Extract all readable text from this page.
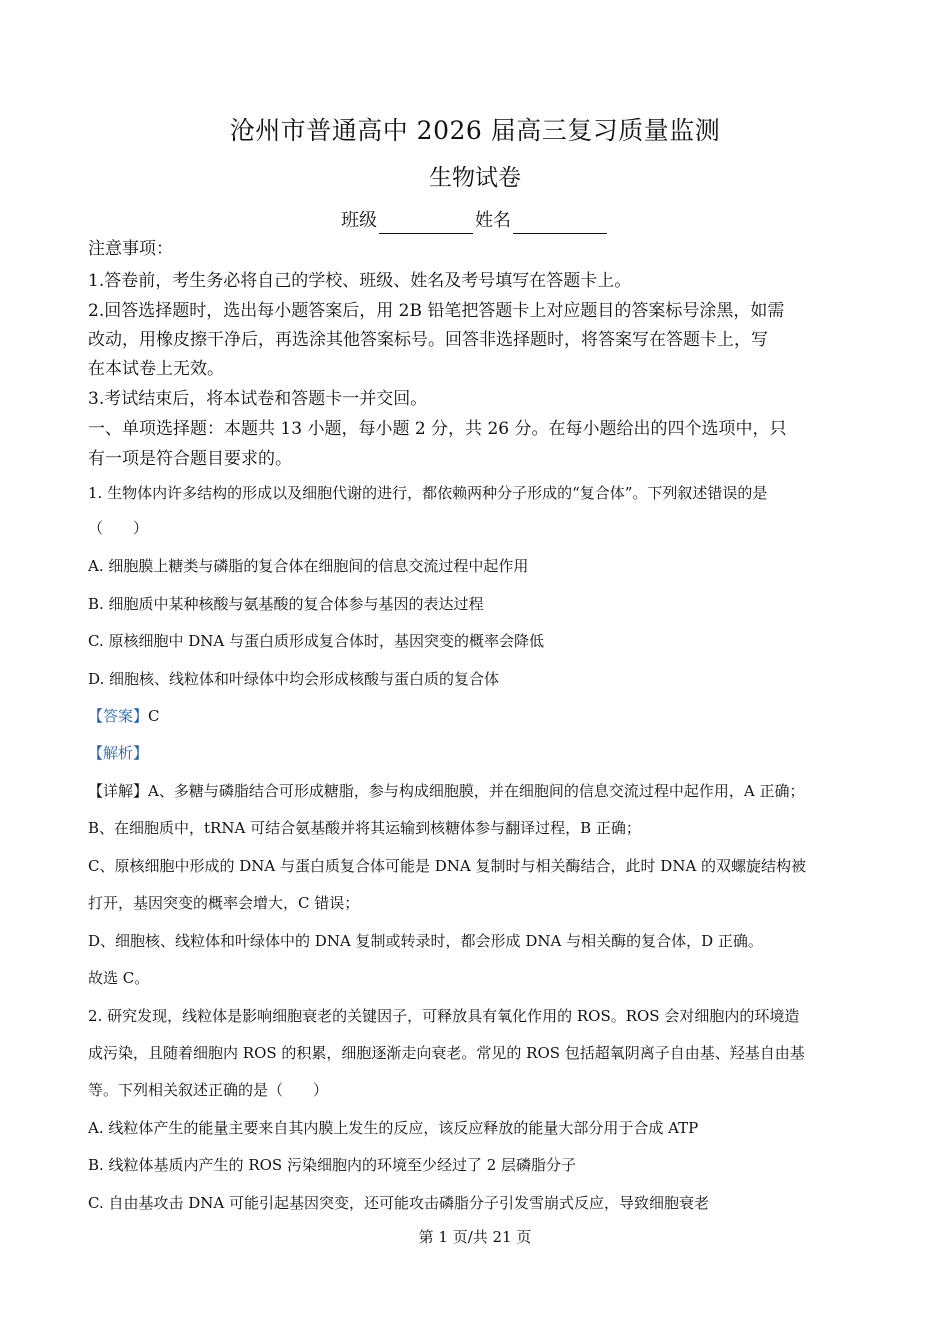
沧州市普通高中 2026 届高三复习质量监测
生物试卷
班级	姓名
注意事项：
1.答卷前，考生务必将自己的学校、班级、姓名及考号填写在答题卡上。
2.回答选择题时，选出每小题答案后，用 2B 铅笔把答题卡上对应题目的答案标号涂黑，如需
改动，用橡皮擦干净后，再选涂其他答案标号。回答非选择题时，将答案写在答题卡上，写
在本试卷上无效。
3.考试结束后，将本试卷和答题卡一并交回。
一、单项选择题：本题共 13 小题，每小题 2 分，共 26 分。在每小题给出的四个选项中，只
有一项是符合题目要求的。
1. 生物体内许多结构的形成以及细胞代谢的进行，都依赖两种分子形成的“复合体”。下列叙述错误的是
（　　）
A. 细胞膜上糖类与磷脂的复合体在细胞间的信息交流过程中起作用
B. 细胞质中某种核酸与氨基酸的复合体参与基因的表达过程
C. 原核细胞中 DNA 与蛋白质形成复合体时，基因突变的概率会降低
D. 细胞核、线粒体和叶绿体中均会形成核酸与蛋白质的复合体
【答案】C
【解析】
【详解】A、多糖与磷脂结合可形成糖脂，参与构成细胞膜，并在细胞间的信息交流过程中起作用，A 正确；
B、在细胞质中，tRNA 可结合氨基酸并将其运输到核糖体参与翻译过程，B 正确；
C、原核细胞中形成的 DNA 与蛋白质复合体可能是 DNA 复制时与相关酶结合，此时 DNA 的双螺旋结构被
打开，基因突变的概率会增大，C 错误；
D、细胞核、线粒体和叶绿体中的 DNA 复制或转录时，都会形成 DNA 与相关酶的复合体，D 正确。
故选 C。
2. 研究发现，线粒体是影响细胞衰老的关键因子，可释放具有氧化作用的 ROS。ROS 会对细胞内的环境造
成污染，且随着细胞内 ROS 的积累，细胞逐渐走向衰老。常见的 ROS 包括超氧阴离子自由基、羟基自由基
等。下列相关叙述正确的是（　　）
A. 线粒体产生的能量主要来自其内膜上发生的反应，该反应释放的能量大部分用于合成 ATP
B. 线粒体基质内产生的 ROS 污染细胞内的环境至少经过了 2 层磷脂分子
C. 自由基攻击 DNA 可能引起基因突变，还可能攻击磷脂分子引发雪崩式反应，导致细胞衰老
第 1 页/共 21 页
